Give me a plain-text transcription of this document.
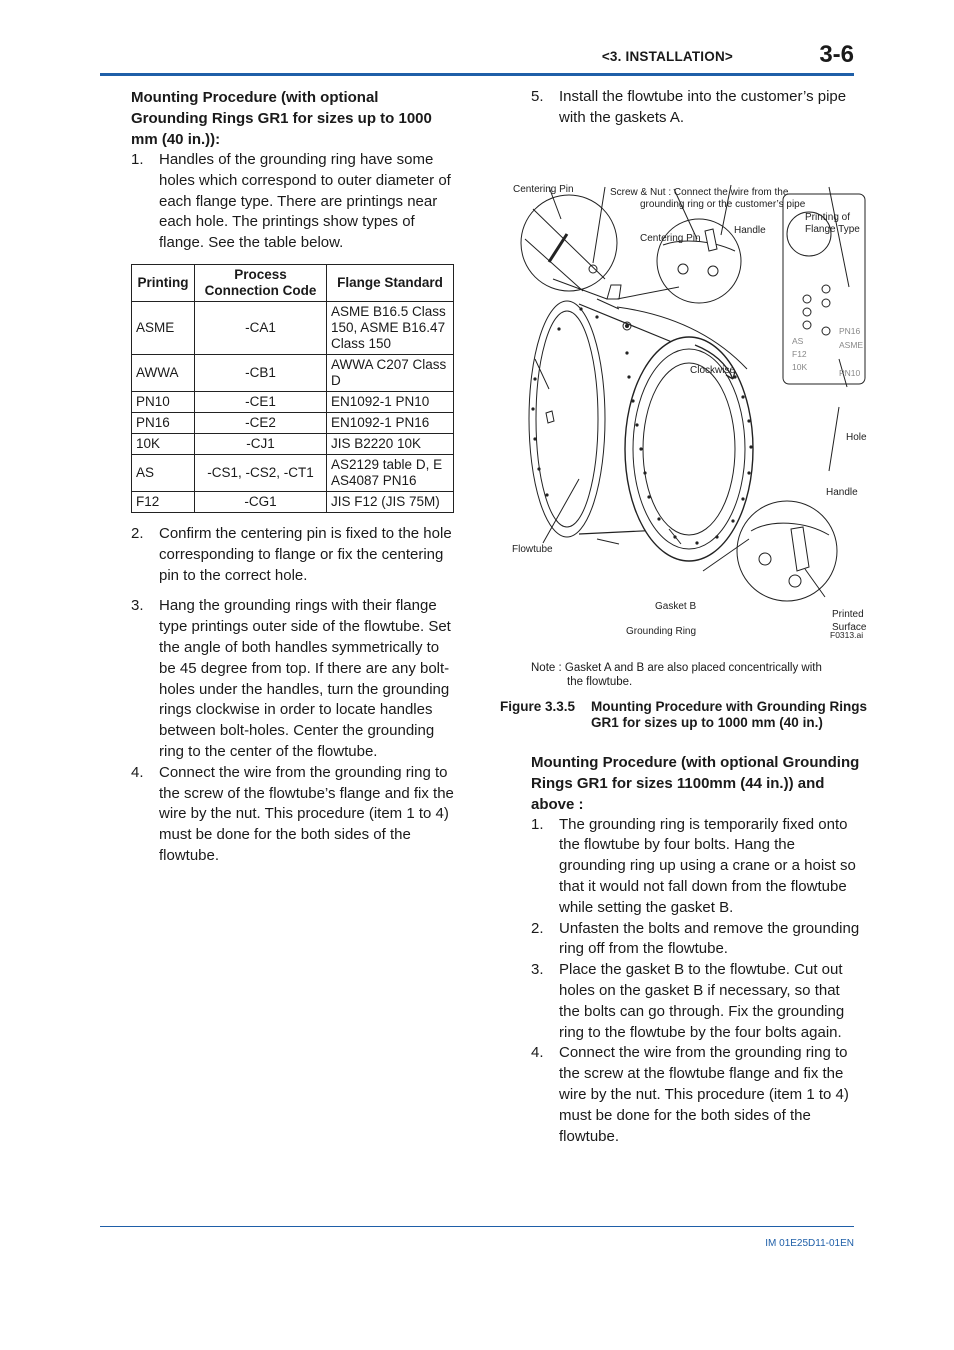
<3. INSTALLATION>	3-6
Mounting Procedure (with optional Grounding Rings GR1 for sizes up to 1000 mm (40 in.)):
1. Handles of the grounding ring have some holes which correspond to outer diameter of each flange type. There are printings near each hole. The printings show types of flange. See the table below.
Printing	Process Connection Code	Flange Standard
ASME	-CA1	ASME B16.5 Class 150, ASME B16.47 Class 150
AWWA	-CB1	AWWA C207 Class D
PN10	-CE1	EN1092-1 PN10
PN16	-CE2	EN1092-1 PN16
10K	-CJ1	JIS B2220 10K
AS	-CS1, -CS2, -CT1	AS2129 table D, E AS4087 PN16
F12	-CG1	JIS F12 (JIS 75M)
2. Confirm the centering pin is fixed to the hole corresponding to flange or fix the centering pin to the correct hole.
3. Hang the grounding rings with their flange type printings outer side of the flowtube. Set the angle of both handles symmetrically to be 45 degree from top. If there are any bolt-holes under the handles, turn the grounding rings clockwise in order to locate handles between bolt-holes. Center the grounding ring to the center of the flowtube.
4. Connect the wire from the grounding ring to the screw of the flowtube’s flange and fix the wire by the nut. This procedure (item 1 to 4) must be done for the both sides of the flowtube.
5. Install the flowtube into the customer’s pipe with the gaskets A.
Centering Pin	Screw & Nut : Connect the wire from the
grounding ring or the customer’s pipe
Printing of
Flange Type
Handle
Centering Pin
AS
F12
10K
PN16
ASME
PN10
Clockwise
Hole
Handle
Flowtube
Gasket B
Printed
Grounding Ring	Surface
F0313.ai
Note : Gasket A and B are also placed concentrically with
the flowtube.
Figure 3.3.5	Mounting Procedure with Grounding Rings GR1 for sizes up to 1000 mm (40 in.)
Mounting Procedure (with optional Grounding Rings GR1 for sizes 1100mm (44 in.)) and above :
1. The grounding ring is temporarily fixed onto the flowtube by four bolts. Hang the grounding ring up using a crane or a hoist so that it would not fall down from the flowtube while setting the gasket B.
2. Unfasten the bolts and remove the grounding ring off from the flowtube.
3. Place the gasket B to the flowtube. Cut out holes on the gasket B if necessary, so that the bolts can go through. Fix the grounding ring to the flowtube by the four bolts again.
4. Connect the wire from the grounding ring to the screw at the flowtube flange and fix the wire by the nut. This procedure (item 1 to 4) must be done for the both sides of the flowtube.
IM 01E25D11-01EN
